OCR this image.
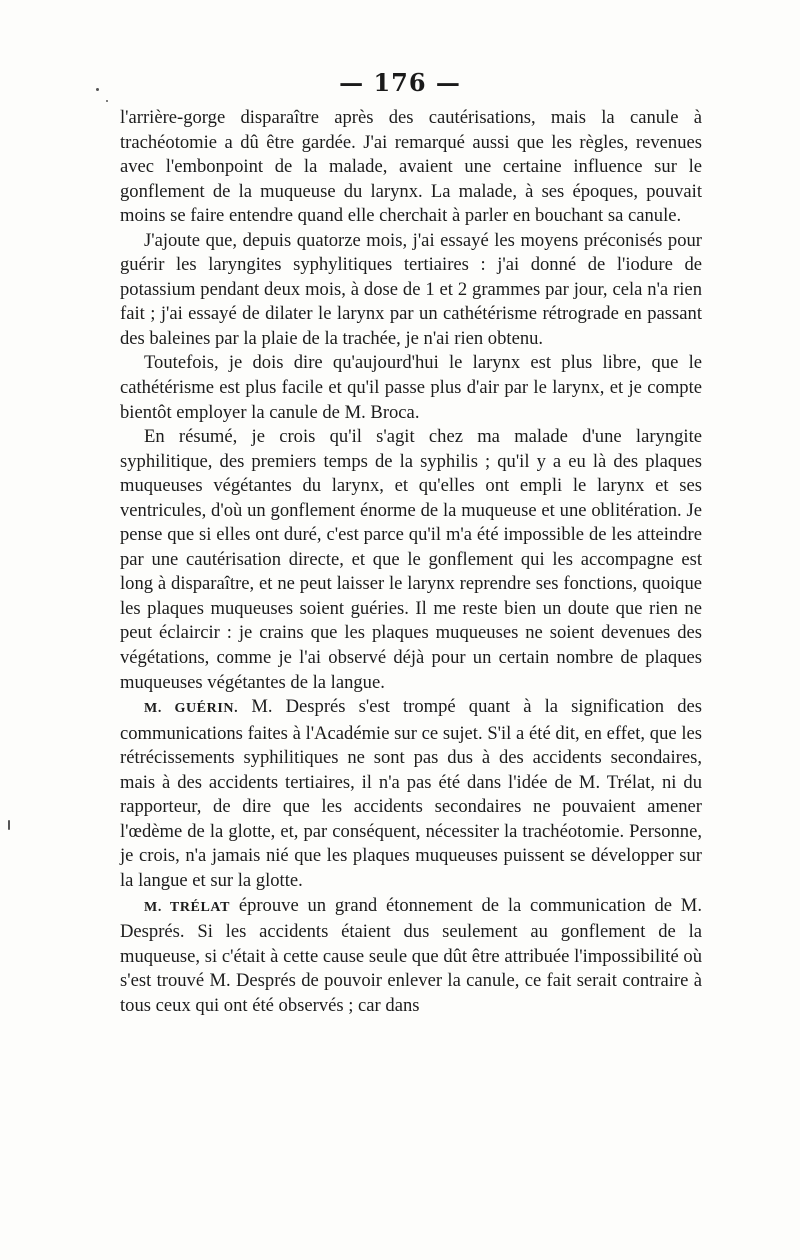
— 176 —

l'arrière-gorge disparaître après des cautérisations, mais la canule à trachéotomie a dû être gardée. J'ai remarqué aussi que les règles, revenues avec l'embonpoint de la malade, avaient une certaine influence sur le gonflement de la muqueuse du larynx. La malade, à ses époques, pouvait moins se faire entendre quand elle cherchait à parler en bouchant sa canule.

J'ajoute que, depuis quatorze mois, j'ai essayé les moyens préconisés pour guérir les laryngites syphylitiques tertiaires : j'ai donné de l'iodure de potassium pendant deux mois, à dose de 1 et 2 grammes par jour, cela n'a rien fait ; j'ai essayé de dilater le larynx par un cathétérisme rétrograde en passant des baleines par la plaie de la trachée, je n'ai rien obtenu.

Toutefois, je dois dire qu'aujourd'hui le larynx est plus libre, que le cathétérisme est plus facile et qu'il passe plus d'air par le larynx, et je compte bientôt employer la canule de M. Broca.

En résumé, je crois qu'il s'agit chez ma malade d'une laryngite syphilitique, des premiers temps de la syphilis ; qu'il y a eu là des plaques muqueuses végétantes du larynx, et qu'elles ont empli le larynx et ses ventricules, d'où un gonflement énorme de la muqueuse et une oblitération. Je pense que si elles ont duré, c'est parce qu'il m'a été impossible de les atteindre par une cautérisation directe, et que le gonflement qui les accompagne est long à disparaître, et ne peut laisser le larynx reprendre ses fonctions, quoique les plaques muqueuses soient guéries. Il me reste bien un doute que rien ne peut éclaircir : je crains que les plaques muqueuses ne soient devenues des végétations, comme je l'ai observé déjà pour un certain nombre de plaques muqueuses végétantes de la langue.

M. GUÉRIN. M. Després s'est trompé quant à la signification des communications faites à l'Académie sur ce sujet. S'il a été dit, en effet, que les rétrécissements syphilitiques ne sont pas dus à des accidents secondaires, mais à des accidents tertiaires, il n'a pas été dans l'idée de M. Trélat, ni du rapporteur, de dire que les accidents secondaires ne pouvaient amener l'œdème de la glotte, et, par conséquent, nécessiter la trachéotomie. Personne, je crois, n'a jamais nié que les plaques muqueuses puissent se développer sur la langue et sur la glotte.

M. TRÉLAT éprouve un grand étonnement de la communication de M. Després. Si les accidents étaient dus seulement au gonflement de la muqueuse, si c'était à cette cause seule que dût être attribuée l'impossibilité où s'est trouvé M. Després de pouvoir enlever la canule, ce fait serait contraire à tous ceux qui ont été observés ; car dans
